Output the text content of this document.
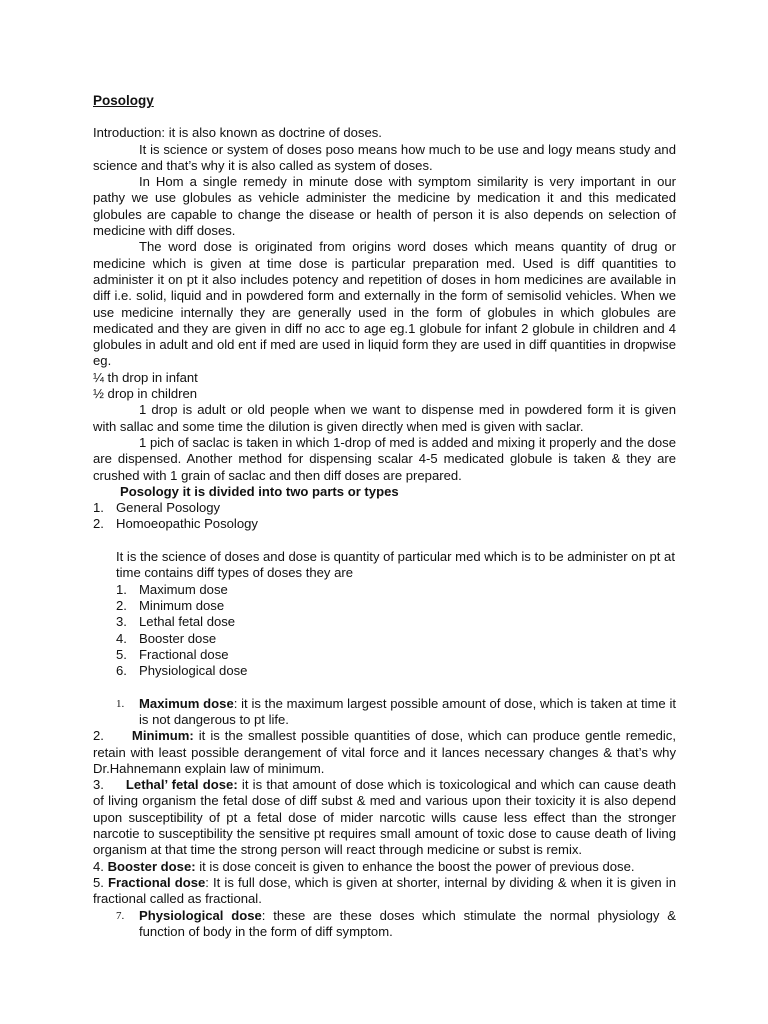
Posology

Introduction: it is also known as doctrine of doses.

It is science or system of doses poso means how much to be use and logy means study and science and that’s why it is also called as system of doses.

In Hom a single remedy in minute dose with symptom similarity is very important in our pathy we use globules as vehicle administer the medicine by medication it and this medicated globules are capable to change the disease or health of person it is also depends on selection of medicine with diff doses.

The word dose is originated from origins word doses which means quantity of drug or medicine which is given at time dose is particular preparation med. Used is diff quantities to administer it on pt it also includes potency and repetition of doses in hom medicines are available in diff i.e. solid, liquid and in powdered form and externally in the form of semisolid vehicles. When we use medicine internally they are generally used in the form of globules in which globules are medicated and they are given in diff no acc to age eg.1 globule for infant 2 globule in children and 4 globules in adult and old ent if med are used in liquid form they are used in diff quantities in dropwise eg.

¼ th drop in infant

½ drop in children

1 drop is adult or old people when we want to dispense med in powdered form it is given with sallac and some time the dilution is given directly when med is given with saclar.

1 pich of saclac is taken in which 1-drop of med is added and mixing it properly and the dose are dispensed. Another method for dispensing scalar 4-5 medicated globule is taken & they are crushed with 1 grain of saclac and then diff doses are prepared.

Posology it is divided into two parts or types

1. General Posology

2. Homoeopathic Posology

It is the science of doses and dose is quantity of particular med which is to be administer on pt at time contains diff types of doses they are

1. Maximum dose

2. Minimum dose

3. Lethal fetal dose

4. Booster dose

5. Fractional dose

6. Physiological dose

1. Maximum dose: it is the maximum largest possible amount of dose, which is taken at time it is not dangerous to pt life.

2. Minimum: it is the smallest possible quantities of dose, which can produce gentle remedic, retain with least possible derangement of vital force and it lances necessary changes & that’s why Dr.Hahnemann explain law of minimum.

3. Lethal’ fetal dose: it is that amount of dose which is toxicological and which can cause death of living organism the fetal dose of diff subst & med and various upon their toxicity it is also depend upon susceptibility of pt a fetal dose of mider narcotic wills cause less effect than the stronger narcotie to susceptibility the sensitive pt requires small amount of toxic dose to cause death of living organism at that time the strong person will react through medicine or subst is remix.

4. Booster dose: it is dose conceit is given to enhance the boost the power of previous dose.

5. Fractional dose: It is full dose, which is given at shorter, internal by dividing & when it is given in fractional called as fractional.

7. Physiological dose: these are these doses which stimulate the normal physiology & function of body in the form of diff symptom.
